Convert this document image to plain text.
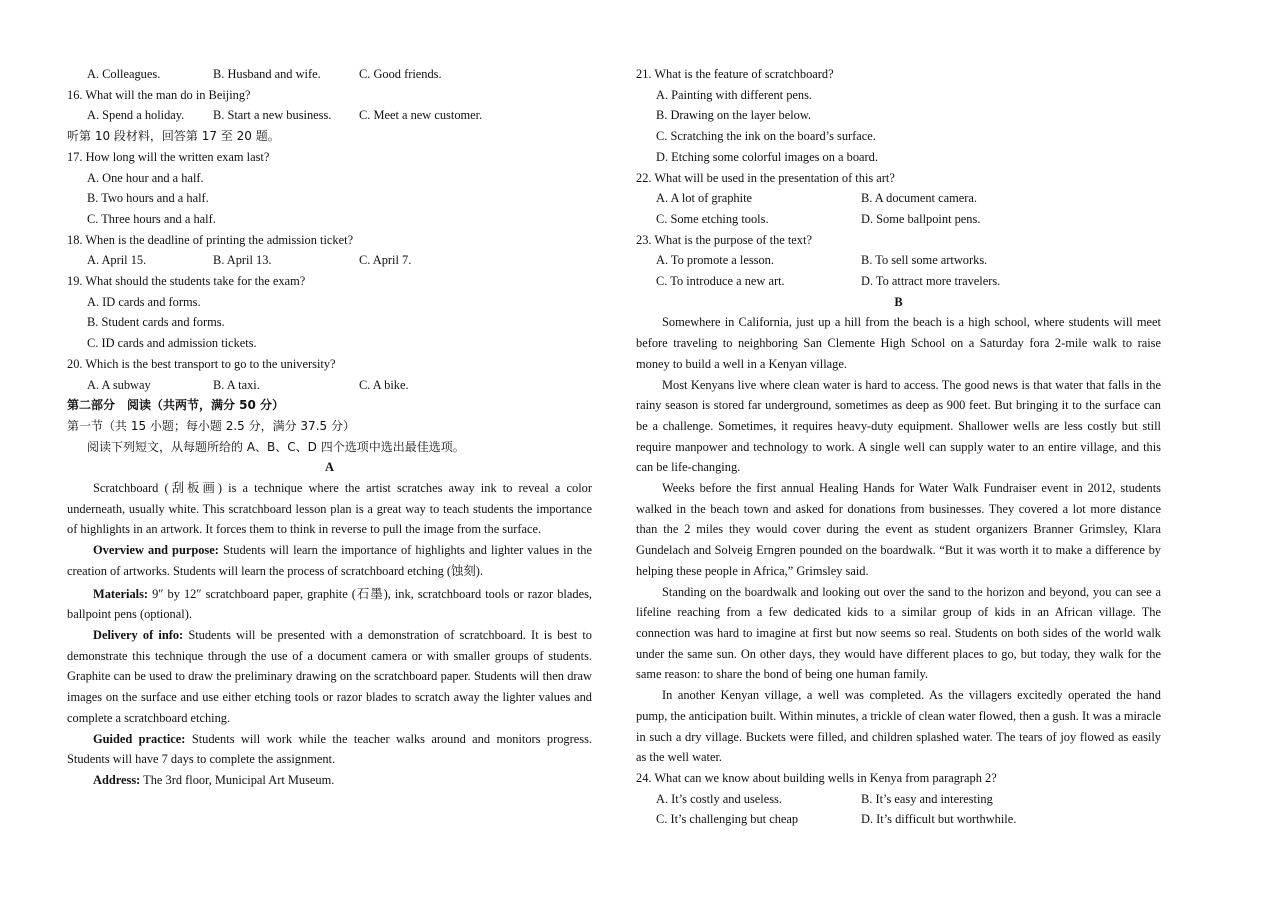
A. Colleagues.	B. Husband and wife.	C. Good friends.
16. What will the man do in Beijing?
A. Spend a holiday.	B. Start a new business.	C. Meet a new customer.
听第 10 段材料，回答第 17 至 20 题。
17. How long will the written exam last?
A. One hour and a half.
B. Two hours and a half.
C. Three hours and a half.
18. When is the deadline of printing the admission ticket?
A. April 15.	B. April 13.	C. April 7.
19. What should the students take for the exam?
A. ID cards and forms.
B. Student cards and forms.
C. ID cards and admission tickets.
20. Which is the best transport to go to the university?
A. A subway	B. A taxi.	C. A bike.
第二部分　阅读（共两节，满分 50 分）
第一节（共 15 小题；每小题 2.5 分，满分 37.5 分）
阅读下列短文，从每题所给的 A、B、C、D 四个选项中选出最佳选项。
A
Scratchboard (刮板画) is a technique where the artist scratches away ink to reveal a color underneath, usually white. This scratchboard lesson plan is a great way to teach students the importance of highlights in an artwork. It forces them to think in reverse to pull the image from the surface.
Overview and purpose: Students will learn the importance of highlights and lighter values in the creation of artworks. Students will learn the process of scratchboard etching (蚀刻).
Materials: 9″ by 12″ scratchboard paper, graphite (石墨), ink, scratchboard tools or razor blades, ballpoint pens (optional).
Delivery of info: Students will be presented with a demonstration of scratchboard. It is best to demonstrate this technique through the use of a document camera or with smaller groups of students. Graphite can be used to draw the preliminary drawing on the scratchboard paper. Students will then draw images on the surface and use either etching tools or razor blades to scratch away the lighter values and complete a scratchboard etching.
Guided practice: Students will work while the teacher walks around and monitors progress. Students will have 7 days to complete the assignment.
Address: The 3rd floor, Municipal Art Museum.
21. What is the feature of scratchboard?
A. Painting with different pens.
B. Drawing on the layer below.
C. Scratching the ink on the board’s surface.
D. Etching some colorful images on a board.
22. What will be used in the presentation of this art?
A. A lot of graphite	B. A document camera.
C. Some etching tools.	D. Some ballpoint pens.
23. What is the purpose of the text?
A. To promote a lesson.	B. To sell some artworks.
C. To introduce a new art.	D. To attract more travelers.
B
Somewhere in California, just up a hill from the beach is a high school, where students will meet before traveling to neighboring San Clemente High School on a Saturday fora 2-mile walk to raise money to build a well in a Kenyan village.
Most Kenyans live where clean water is hard to access. The good news is that water that falls in the rainy season is stored far underground, sometimes as deep as 900 feet. But bringing it to the surface can be a challenge. Sometimes, it requires heavy-duty equipment. Shallower wells are less costly but still require manpower and technology to work. A single well can supply water to an entire village, and this can be life-changing.
Weeks before the first annual Healing Hands for Water Walk Fundraiser event in 2012, students walked in the beach town and asked for donations from businesses. They covered a lot more distance than the 2 miles they would cover during the event as student organizers Branner Grimsley, Klara Gundelach and Solveig Erngren pounded on the boardwalk. “But it was worth it to make a difference by helping these people in Africa,” Grimsley said.
Standing on the boardwalk and looking out over the sand to the horizon and beyond, you can see a lifeline reaching from a few dedicated kids to a similar group of kids in an African village. The connection was hard to imagine at first but now seems so real. Students on both sides of the world walk under the same sun. On other days, they would have different places to go, but today, they walk for the same reason: to share the bond of being one human family.
In another Kenyan village, a well was completed. As the villagers excitedly operated the hand pump, the anticipation built. Within minutes, a trickle of clean water flowed, then a gush. It was a miracle in such a dry village. Buckets were filled, and children splashed water. The tears of joy flowed as easily as the well water.
24. What can we know about building wells in Kenya from paragraph 2?
A. It’s costly and useless.	B. It’s easy and interesting
C. It’s challenging but cheap	D. It’s difficult but worthwhile.
